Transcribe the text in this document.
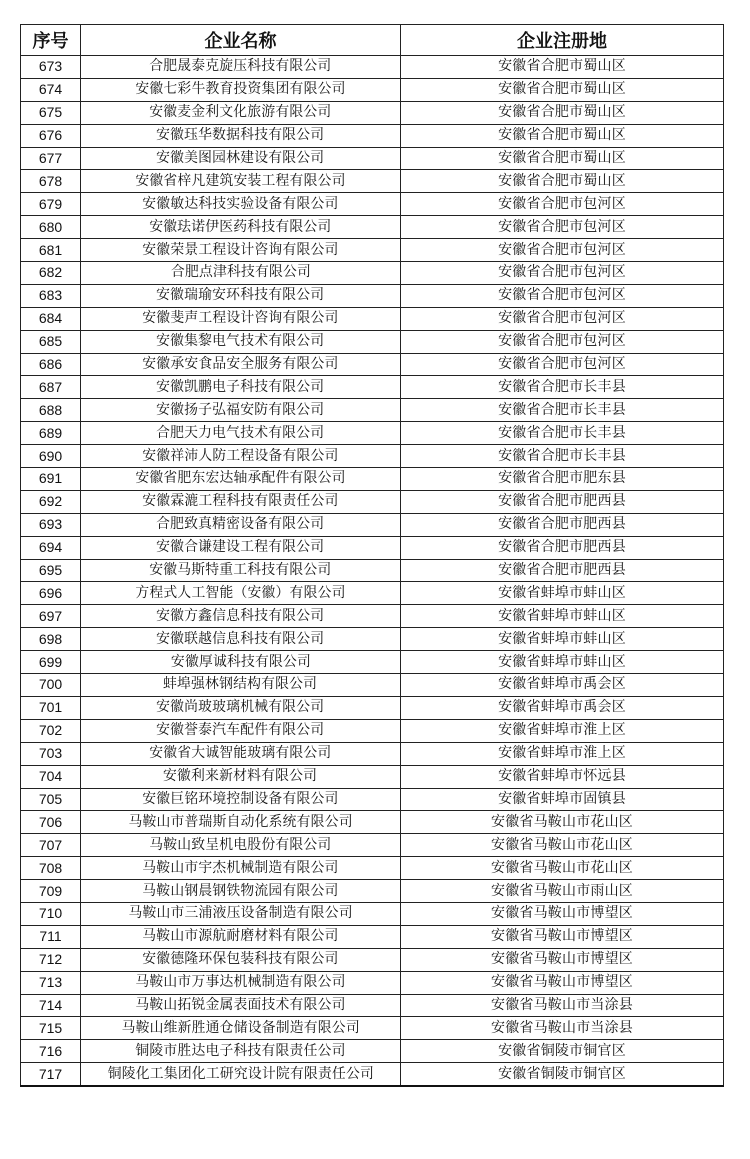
序号	企业名称	企业注册地
673	合肥晟泰克旋压科技有限公司	安徽省合肥市蜀山区
674	安徽七彩牛教育投资集团有限公司	安徽省合肥市蜀山区
675	安徽麦金利文化旅游有限公司	安徽省合肥市蜀山区
676	安徽珏华数据科技有限公司	安徽省合肥市蜀山区
677	安徽美图园林建设有限公司	安徽省合肥市蜀山区
678	安徽省梓凡建筑安装工程有限公司	安徽省合肥市蜀山区
679	安徽敏达科技实验设备有限公司	安徽省合肥市包河区
680	安徽珐诺伊医药科技有限公司	安徽省合肥市包河区
681	安徽荣景工程设计咨询有限公司	安徽省合肥市包河区
682	合肥点津科技有限公司	安徽省合肥市包河区
683	安徽瑞瑜安环科技有限公司	安徽省合肥市包河区
684	安徽斐声工程设计咨询有限公司	安徽省合肥市包河区
685	安徽集黎电气技术有限公司	安徽省合肥市包河区
686	安徽承安食品安全服务有限公司	安徽省合肥市包河区
687	安徽凯鹏电子科技有限公司	安徽省合肥市长丰县
688	安徽扬子弘福安防有限公司	安徽省合肥市长丰县
689	合肥天力电气技术有限公司	安徽省合肥市长丰县
690	安徽祥沛人防工程设备有限公司	安徽省合肥市长丰县
691	安徽省肥东宏达轴承配件有限公司	安徽省合肥市肥东县
692	安徽霖漉工程科技有限责任公司	安徽省合肥市肥西县
693	合肥致真精密设备有限公司	安徽省合肥市肥西县
694	安徽合谦建设工程有限公司	安徽省合肥市肥西县
695	安徽马斯特重工科技有限公司	安徽省合肥市肥西县
696	方程式人工智能（安徽）有限公司	安徽省蚌埠市蚌山区
697	安徽方鑫信息科技有限公司	安徽省蚌埠市蚌山区
698	安徽联越信息科技有限公司	安徽省蚌埠市蚌山区
699	安徽厚诚科技有限公司	安徽省蚌埠市蚌山区
700	蚌埠强林钢结构有限公司	安徽省蚌埠市禹会区
701	安徽尚玻玻璃机械有限公司	安徽省蚌埠市禹会区
702	安徽誉泰汽车配件有限公司	安徽省蚌埠市淮上区
703	安徽省大诚智能玻璃有限公司	安徽省蚌埠市淮上区
704	安徽利来新材料有限公司	安徽省蚌埠市怀远县
705	安徽巨铭环境控制设备有限公司	安徽省蚌埠市固镇县
706	马鞍山市普瑞斯自动化系统有限公司	安徽省马鞍山市花山区
707	马鞍山致呈机电股份有限公司	安徽省马鞍山市花山区
708	马鞍山市宇杰机械制造有限公司	安徽省马鞍山市花山区
709	马鞍山钢晨钢铁物流园有限公司	安徽省马鞍山市雨山区
710	马鞍山市三浦液压设备制造有限公司	安徽省马鞍山市博望区
711	马鞍山市源航耐磨材料有限公司	安徽省马鞍山市博望区
712	安徽德隆环保包装科技有限公司	安徽省马鞍山市博望区
713	马鞍山市万事达机械制造有限公司	安徽省马鞍山市博望区
714	马鞍山拓锐金属表面技术有限公司	安徽省马鞍山市当涂县
715	马鞍山维新胜通仓储设备制造有限公司	安徽省马鞍山市当涂县
716	铜陵市胜达电子科技有限责任公司	安徽省铜陵市铜官区
717	铜陵化工集团化工研究设计院有限责任公司	安徽省铜陵市铜官区
